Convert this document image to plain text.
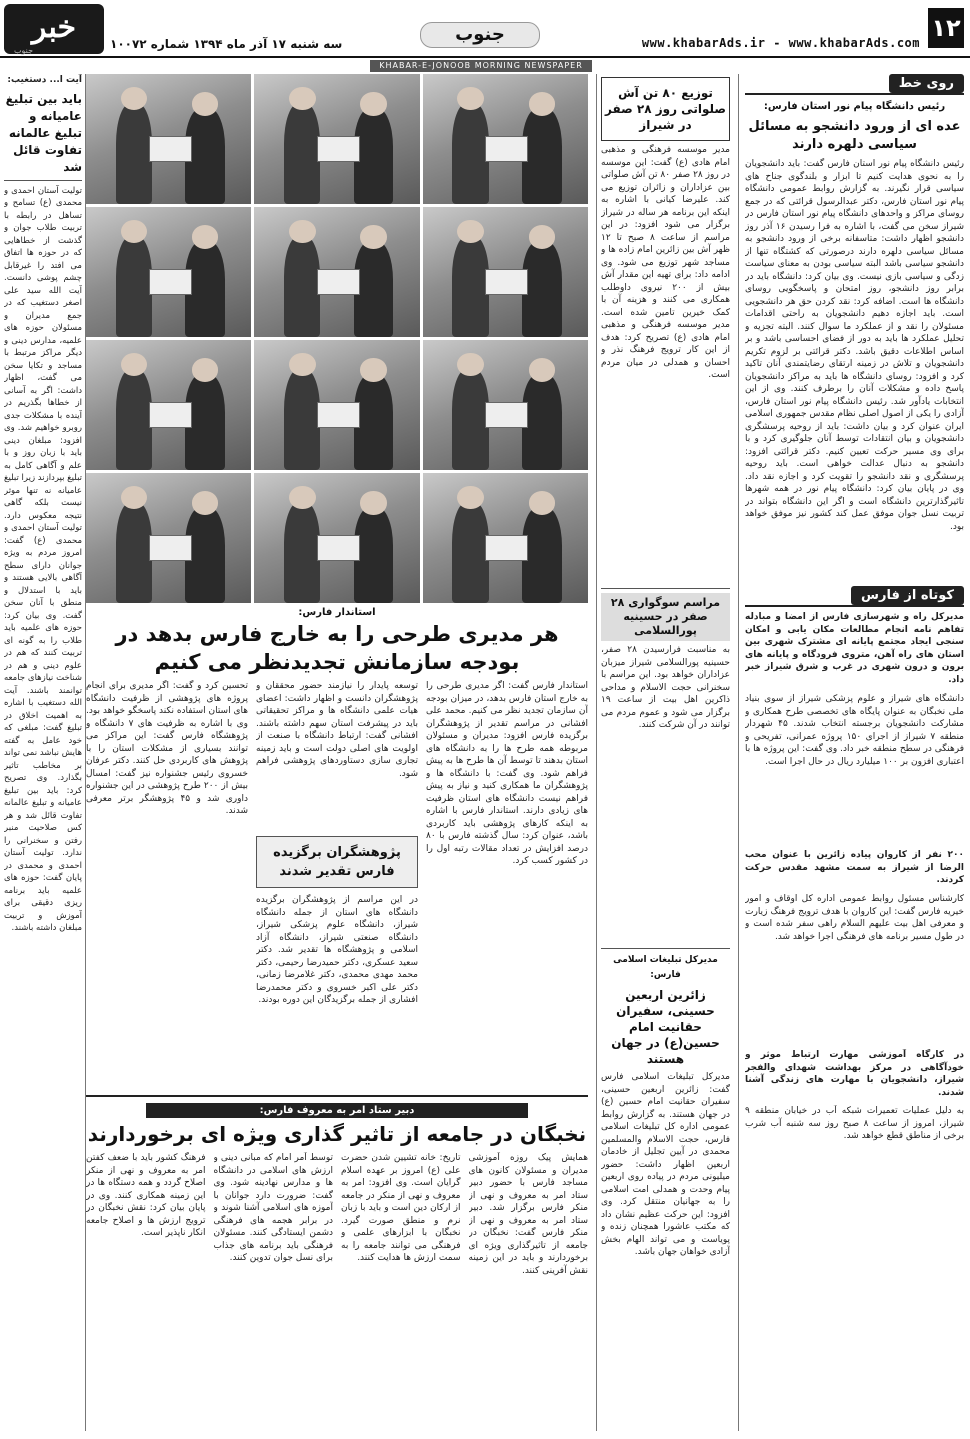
۱۲
www.khabarAds.ir - www.khabarAds.com
جنوب
سه شنبه ۱۷ آذر ماه ۱۳۹۴ شماره ۱۰۰۷۲
خبر
جنوب
KHABAR-E-JONOOB MORNING NEWSPAPER
روی خط
رئیس دانشگاه پیام نور استان فارس:
عده ای از ورود دانشجو به مسائل سیاسی دلهره دارند
رئیس دانشگاه پیام نور استان فارس گفت: باید دانشجویان را به نحوی هدایت کنیم تا ابزار و بلندگوی جناح های سیاسی قرار نگیرند. به گزارش روابط عمومی دانشگاه پیام نور استان فارس، دکتر عبدالرسول قرائتی که در جمع روسای مراکز و واحدهای دانشگاه پیام نور استان فارس در شیراز سخن می گفت، با اشاره به فرا رسیدن ۱۶ آذر روز دانشجو اظهار داشت: متاسفانه برخی از ورود دانشجو به مسائل سیاسی دلهره دارند درصورتی که کشتگاه تنها از دانشجو سیاسی باشد البته سیاسی بودن به معنای سیاست زدگی و سیاسی بازی نیست. وی بیان کرد: دانشگاه باید در برابر روز دانشجو، روز امتحان و پاسخگویی روسای دانشگاه ها است. اضافه کرد: نقد کردن حق هر دانشجویی است. باید اجازه دهیم دانشجویان به راحتی اقدامات مسئولان را نقد و از عملکرد ما سوال کنند. البته تجزیه و تحلیل عملکرد ها باید به دور از فضای احساسی باشد و بر اساس اطلاعات دقیق باشد. دکتر قرائتی بر لزوم تکریم دانشجویان و تلاش در زمینه ارتقای رضایتمندی آنان تاکید کرد و افزود: روسای دانشگاه ها باید به مراکز دانشجویان پاسخ داده و مشکلات آنان را برطرف کنند. وی از این انتخابات یادآور شد. رئیس دانشگاه پیام نور استان فارس، آزادی را یکی از اصول اصلی نظام مقدس جمهوری اسلامی ایران عنوان کرد و بیان داشت: باید از روحیه پرسشگری دانشجویان و بیان انتقادات توسط آنان جلوگیری کرد و با برای وی مسیر حرکت تعیین کنیم. دکتر قرائتی افزود: دانشجو به دنبال عدالت خواهی است. باید روحیه پرسشگری و نقد دانشجو را تقویت کرد و اجازه نقد داد. وی در پایان بیان کرد: دانشگاه پیام نور در همه شهرها تاثیرگذارترین دانشگاه است و اگر این دانشگاه بتواند در تربیت نسل جوان موفق عمل کند کشور نیز موفق خواهد بود.
کوتاه از فارس
مدیرکل راه و شهرسازی فارس از امضا و مبادله تفاهم نامه انجام مطالعات مکان یابی و امکان سنجی ایجاد مجتمع پایانه ای مشترک شهری بین استان های راه آهن، متروی فرودگاه و پایانه های برون و درون شهری در غرب و شرق شیراز خبر داد.
دانشگاه های شیراز و علوم پزشکی شیراز از سوی بنیاد ملی نخبگان به عنوان پایگاه های تخصصی طرح همکاری و مشارکت دانشجویان برجسته انتخاب شدند. ۴۵ شهردار منطقه ۷ شیراز از اجرای ۱۵۰ پروژه عمرانی، تفریحی و فرهنگی در سطح منطقه خبر داد. وی گفت: این پروژه ها با اعتباری افزون بر ۱۰۰ میلیارد ریال در حال اجرا است.
۲۰۰ نفر از کاروان پیاده زائرین با عنوان محب الرضا از شیراز به سمت مشهد مقدس حرکت کردند.
کارشناس مسئول روابط عمومی اداره کل اوقاف و امور خیریه فارس گفت: این کاروان با هدف ترویج فرهنگ زیارت و معرفی اهل بیت علیهم السلام راهی سفر شده است و در طول مسیر برنامه های فرهنگی اجرا خواهد شد.
در کارگاه آموزشی مهارت ارتباط موثر و خودآگاهی در مرکز بهداشت شهدای والفجر شیراز، دانشجویان با مهارت های زندگی آشنا شدند.
به دلیل عملیات تعمیرات شبکه آب در خیابان منطقه ۹ شیراز، امروز از ساعت ۸ صبح روز سه شنبه آب شرب برخی از مناطق قطع خواهد شد.
توزیع ۸۰ تن آش صلواتی روز ۲۸ صفر در شیراز
مدیر موسسه فرهنگی و مذهبی امام هادی (ع) گفت: این موسسه در روز ۲۸ صفر ۸۰ تن آش صلواتی بین عزاداران و زائران توزیع می کند. علیرضا کیانی با اشاره به اینکه این برنامه هر ساله در شیراز برگزار می شود افزود: در این مراسم از ساعت ۸ صبح تا ۱۲ ظهر آش بین زائرین امام زاده ها و مساجد شهر توزیع می شود. وی ادامه داد: برای تهیه این مقدار آش بیش از ۲۰۰ نیروی داوطلب همکاری می کنند و هزینه آن با کمک خیرین تامین شده است. مدیر موسسه فرهنگی و مذهبی امام هادی (ع) تصریح کرد: هدف از این کار ترویج فرهنگ نذر و احسان و همدلی در میان مردم است.
مراسم سوگواری ۲۸ صفر در حسینیه پورالسلامی
به مناسبت فرارسیدن ۲۸ صفر، حسینیه پورالسلامی شیراز میزبان عزاداران خواهد بود. این مراسم با سخنرانی حجت الاسلام و مداحی ذاکرین اهل بیت از ساعت ۱۹ برگزار می شود و عموم مردم می توانند در آن شرکت کنند.
مدیرکل تبلیغات اسلامی فارس:
زائرین اربعین حسینی، سفیران حقانیت امام حسین(ع) در جهان هستند
مدیرکل تبلیغات اسلامی فارس گفت: زائرین اربعین حسینی، سفیران حقانیت امام حسین (ع) در جهان هستند. به گزارش روابط عمومی اداره کل تبلیغات اسلامی فارس، حجت الاسلام والمسلمین محمدی در آیین تجلیل از خادمان اربعین اظهار داشت: حضور میلیونی مردم در پیاده روی اربعین پیام وحدت و همدلی امت اسلامی را به جهانیان منتقل کرد. وی افزود: این حرکت عظیم نشان داد که مکتب عاشورا همچنان زنده و پویاست و می تواند الهام بخش آزادی خواهان جهان باشد.
استاندار فارس:
هر مدیری طرحی را به خارج فارس بدهد در بودجه سازمانش تجدیدنظر می کنیم
استاندار فارس گفت: اگر مدیری طرحی را به خارج استان فارس بدهد، در میزان بودجه آن سازمان تجدید نظر می کنیم. محمد علی افشانی در مراسم تقدیر از پژوهشگران برگزیده فارس افزود: مدیران و مسئولان مربوطه همه طرح ها را به دانشگاه های استان بدهند تا توسط آن ها طرح ها به پیش فراهم شود. وی گفت: با دانشگاه ها و پژوهشگران ما همکاری کنید و نیاز به پیش فراهم نیست دانشگاه های استان ظرفیت های زیادی دارند. استاندار فارس با اشاره به اینکه کارهای پژوهشی باید کاربردی باشد، عنوان کرد: سال گذشته فارس با ۸۰ درصد افزایش در تعداد مقالات رتبه اول را در کشور کسب کرد.
توسعه پایدار را نیازمند حضور محققان و پژوهشگران دانست و اظهار داشت: اعضای هیات علمی دانشگاه ها و مراکز تحقیقاتی باید در پیشرفت استان سهم داشته باشند. افشانی گفت: ارتباط دانشگاه با صنعت از اولویت های اصلی دولت است و باید زمینه تجاری سازی دستاوردهای پژوهشی فراهم شود.
پژوهشگران برگزیده فارس تقدیر شدند
در این مراسم از پژوهشگران برگزیده دانشگاه های استان از جمله دانشگاه شیراز، دانشگاه علوم پزشکی شیراز، دانشگاه صنعتی شیراز، دانشگاه آزاد اسلامی و پژوهشگاه ها تقدیر شد. دکتر سعید عسکری، دکتر حمیدرضا رحیمی، دکتر محمد مهدی محمدی، دکتر غلامرضا زمانی، دکتر علی اکبر خسروی و دکتر محمدرضا افشاری از جمله برگزیدگان این دوره بودند.
تحسین کرد و گفت: اگر مدیری برای انجام پروژه های پژوهشی از ظرفیت دانشگاه های استان استفاده نکند پاسخگو خواهد بود. وی با اشاره به ظرفیت های ۷ دانشگاه و پژوهشگاه فارس گفت: این مراکز می توانند بسیاری از مشکلات استان را با پژوهش های کاربردی حل کنند. دکتر عرفان خسروی رئیس جشنواره نیز گفت: امسال بیش از ۲۰۰ طرح پژوهشی در این جشنواره داوری شد و ۴۵ پژوهشگر برتر معرفی شدند.
دبیر ستاد امر به معروف فارس:
نخبگان در جامعه از تاثیر گذاری ویژه ای برخوردارند
همایش پیک روزه آموزشی مدیران و مسئولان کانون های مساجد فارس با حضور دبیر ستاد امر به معروف و نهی از منکر فارس برگزار شد. دبیر ستاد امر به معروف و نهی از منکر فارس گفت: نخبگان در جامعه از تاثیرگذاری ویژه ای برخوردارند و باید در این زمینه نقش آفرینی کنند.
تاریخ: خانه تشیین شدن حضرت علی (ع) امروز بر عهده اسلام گرایان است. وی افزود: امر به معروف و نهی از منکر در جامعه از ارکان دین است و باید با زبان نرم و منطق صورت گیرد. نخبگان با ابزارهای علمی و فرهنگی می توانند جامعه را به سمت ارزش ها هدایت کنند.
توسط آمر امام که مبانی دینی و ارزش های اسلامی در دانشگاه ها و مدارس نهادینه شود. وی گفت: ضرورت دارد جوانان با آموزه های اسلامی آشنا شوند و در برابر هجمه های فرهنگی دشمن ایستادگی کنند. مسئولان فرهنگی باید برنامه های جذاب برای نسل جوان تدوین کنند.
فرهنگ کشور باید با ضعف کفتن امر به معروف و نهی از منکر اصلاح گردد و همه دستگاه ها در این زمینه همکاری کنند. وی در پایان بیان کرد: نقش نخبگان در ترویج ارزش ها و اصلاح جامعه انکار ناپذیر است.
آیت ا... دستغیب:
باید بین تبلیغ عامیانه و تبلیغ عالمانه تفاوت قائل شد
تولیت آستان احمدی و محمدی (ع) تسامح و تساهل در رابطه با تربیت طلاب جوان و گذشت از خطاهایی که در حوزه ها اتفاق می افتد را غیرقابل چشم پوشی دانست. آیت الله سید علی اصغر دستغیب که در جمع مدیران و مسئولان حوزه های علمیه، مدارس دینی و دیگر مراکز مرتبط با مساجد و تکایا سخن می گفت، اظهار داشت: اگر به آسانی از خطاها بگذریم در آینده با مشکلات جدی روبرو خواهیم شد. وی افزود: مبلغان دینی باید با زبان روز و با علم و آگاهی کامل به تبلیغ بپردازند زیرا تبلیغ عامیانه نه تنها موثر نیست بلکه گاهی نتیجه معکوس دارد. تولیت آستان احمدی و محمدی (ع) گفت: امروز مردم به ویژه جوانان دارای سطح آگاهی بالایی هستند و باید با استدلال و منطق با آنان سخن گفت. وی بیان کرد: حوزه های علمیه باید طلاب را به گونه ای تربیت کنند که هم در علوم دینی و هم در شناخت نیازهای جامعه توانمند باشند. آیت الله دستغیب با اشاره به اهمیت اخلاق در تبلیغ گفت: مبلغی که خود عامل به گفته هایش نباشد نمی تواند بر مخاطب تاثیر بگذارد. وی تصریح کرد: باید بین تبلیغ عامیانه و تبلیغ عالمانه تفاوت قائل شد و هر کس صلاحیت منبر رفتن و سخنرانی را ندارد. تولیت آستان احمدی و محمدی در پایان گفت: حوزه های علمیه باید برنامه ریزی دقیقی برای آموزش و تربیت مبلغان داشته باشند.
